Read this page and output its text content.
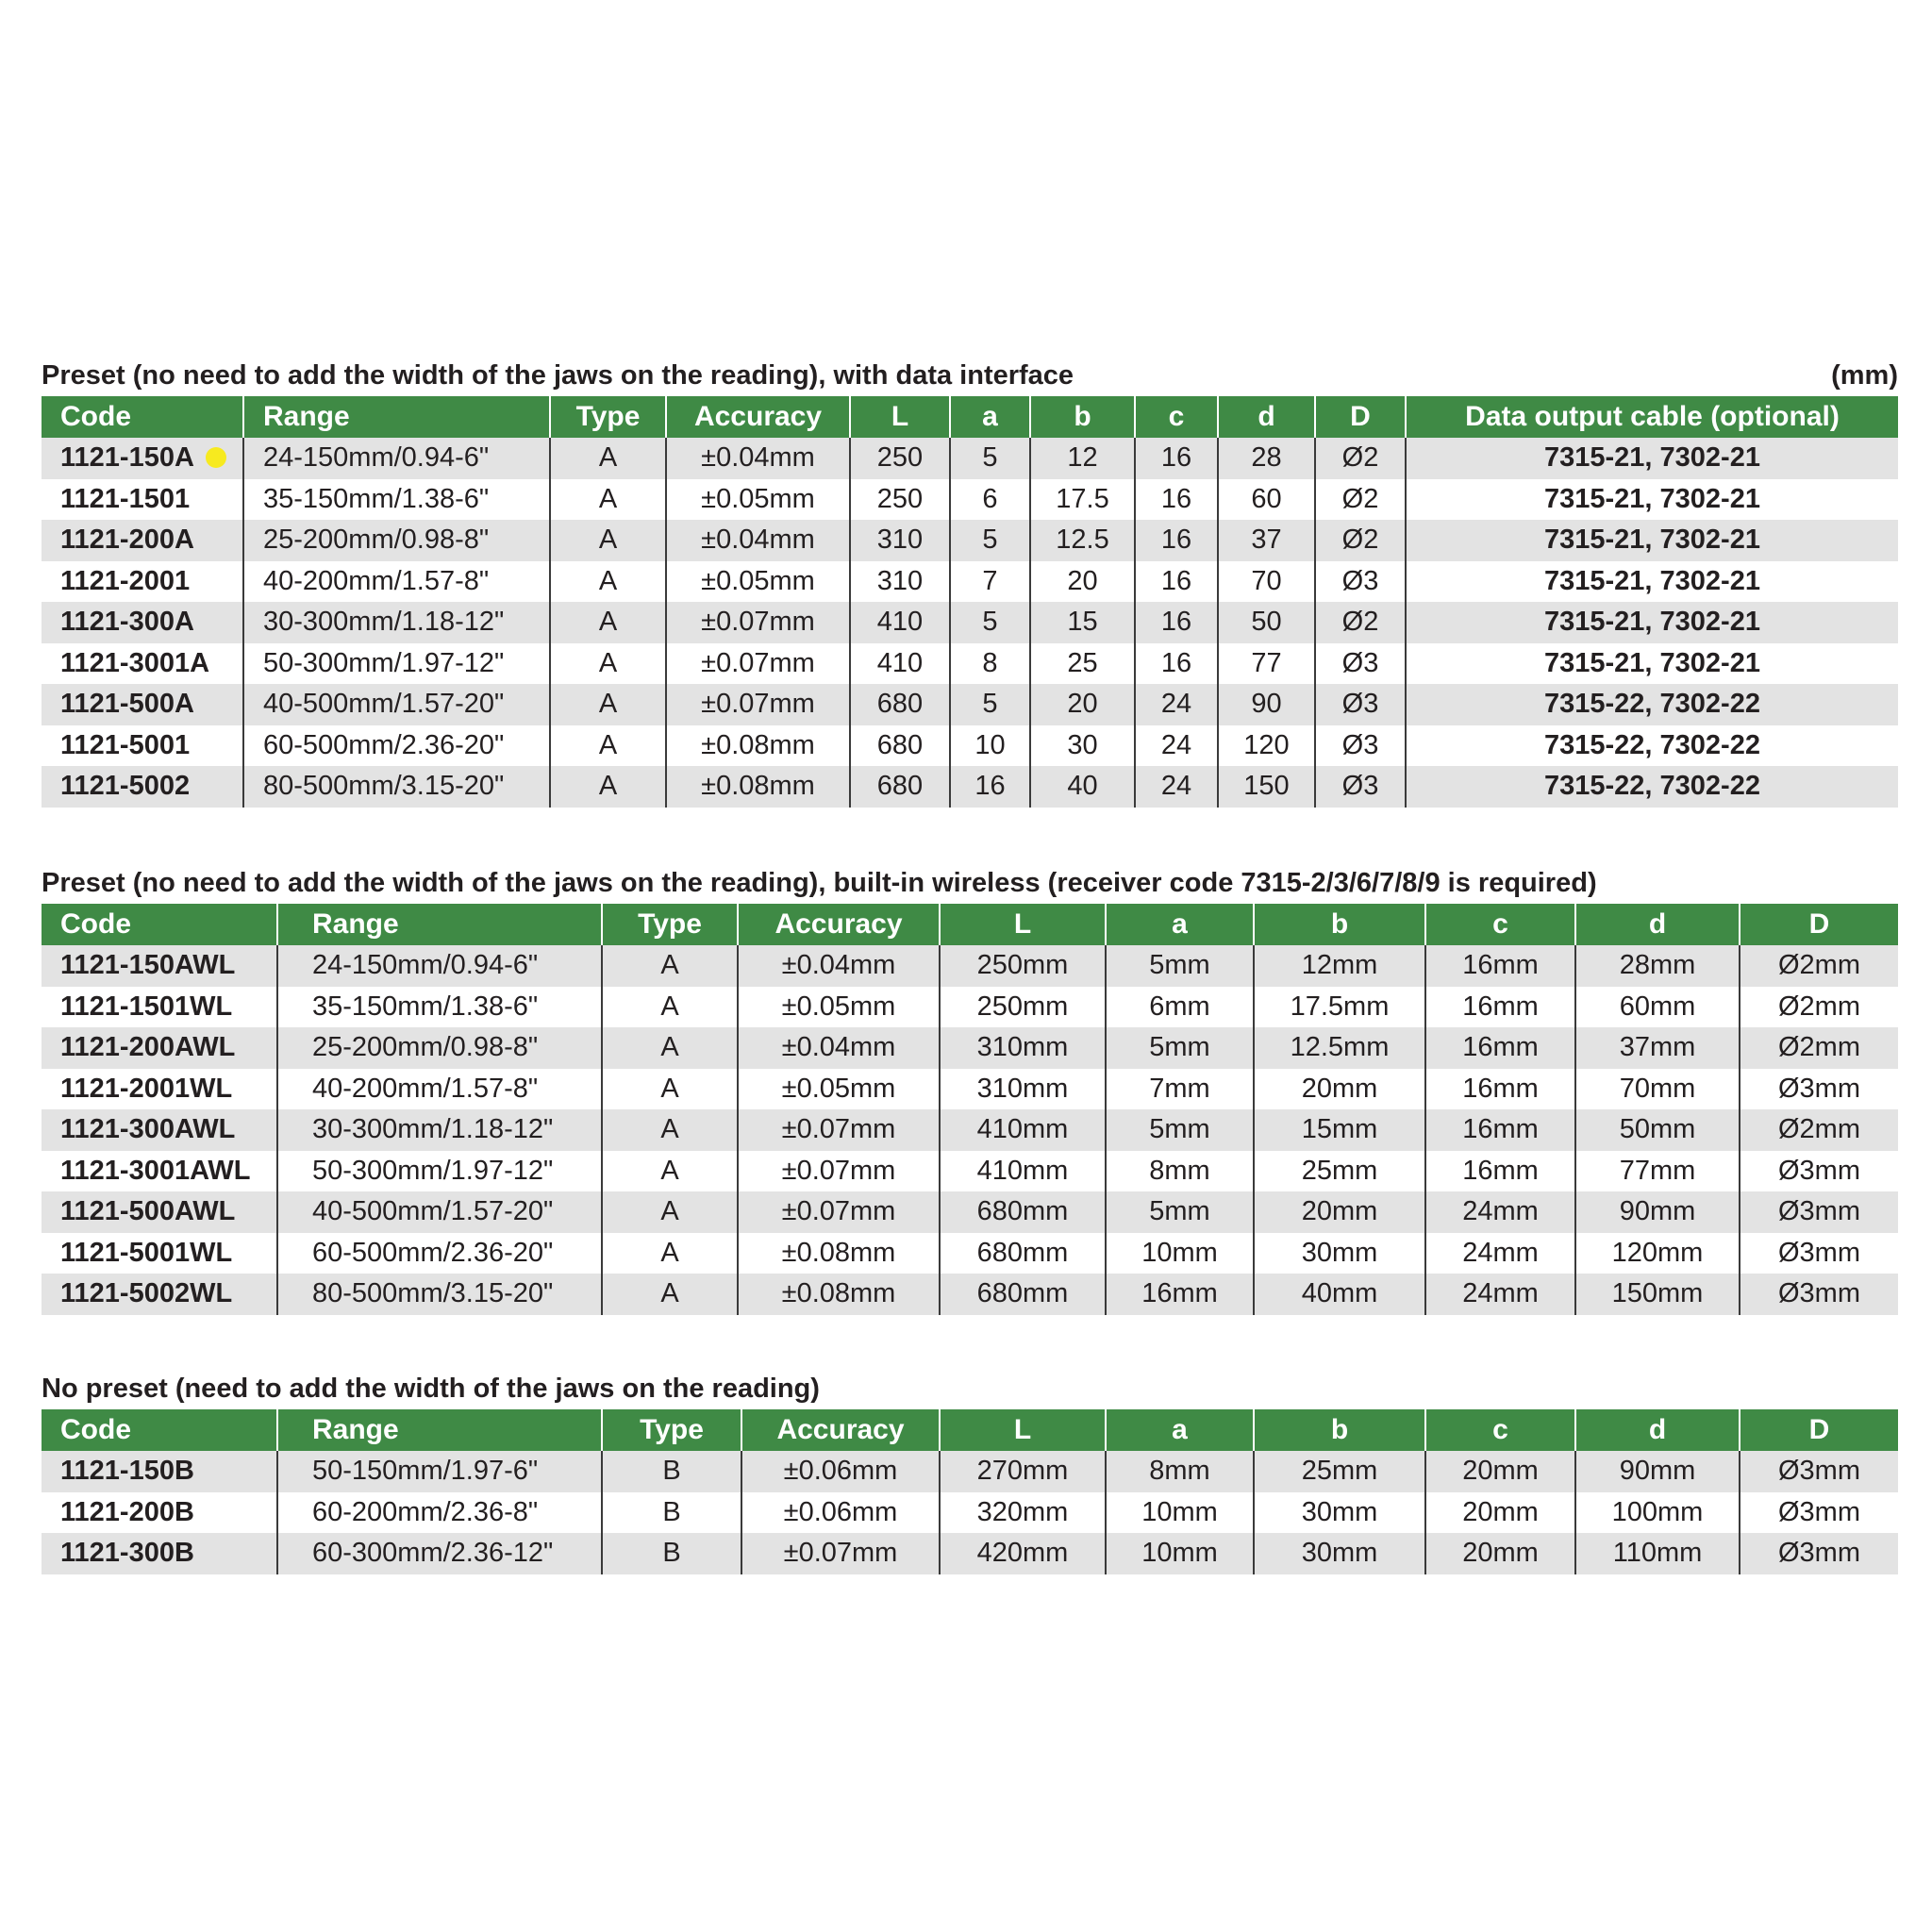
Preset (no need to add the width of the jaws on the reading), with data interface	(mm)
Code	Range	Type	Accuracy	L	a	b	c	d	D	Data output cable (optional)
1121-150A	24-150mm/0.94-6"	A	±0.04mm	250	5	12	16	28	Ø2	7315-21, 7302-21
1121-1501	35-150mm/1.38-6"	A	±0.05mm	250	6	17.5	16	60	Ø2	7315-21, 7302-21
1121-200A	25-200mm/0.98-8"	A	±0.04mm	310	5	12.5	16	37	Ø2	7315-21, 7302-21
1121-2001	40-200mm/1.57-8"	A	±0.05mm	310	7	20	16	70	Ø3	7315-21, 7302-21
1121-300A	30-300mm/1.18-12"	A	±0.07mm	410	5	15	16	50	Ø2	7315-21, 7302-21
1121-3001A	50-300mm/1.97-12"	A	±0.07mm	410	8	25	16	77	Ø3	7315-21, 7302-21
1121-500A	40-500mm/1.57-20"	A	±0.07mm	680	5	20	24	90	Ø3	7315-22, 7302-22
1121-5001	60-500mm/2.36-20"	A	±0.08mm	680	10	30	24	120	Ø3	7315-22, 7302-22
1121-5002	80-500mm/3.15-20"	A	±0.08mm	680	16	40	24	150	Ø3	7315-22, 7302-22
Preset (no need to add the width of the jaws on the reading), built-in wireless (receiver code 7315-2/3/6/7/8/9 is required)
Code	Range	Type	Accuracy	L	a	b	c	d	D
1121-150AWL	24-150mm/0.94-6"	A	±0.04mm	250mm	5mm	12mm	16mm	28mm	Ø2mm
1121-1501WL	35-150mm/1.38-6"	A	±0.05mm	250mm	6mm	17.5mm	16mm	60mm	Ø2mm
1121-200AWL	25-200mm/0.98-8"	A	±0.04mm	310mm	5mm	12.5mm	16mm	37mm	Ø2mm
1121-2001WL	40-200mm/1.57-8"	A	±0.05mm	310mm	7mm	20mm	16mm	70mm	Ø3mm
1121-300AWL	30-300mm/1.18-12"	A	±0.07mm	410mm	5mm	15mm	16mm	50mm	Ø2mm
1121-3001AWL	50-300mm/1.97-12"	A	±0.07mm	410mm	8mm	25mm	16mm	77mm	Ø3mm
1121-500AWL	40-500mm/1.57-20"	A	±0.07mm	680mm	5mm	20mm	24mm	90mm	Ø3mm
1121-5001WL	60-500mm/2.36-20"	A	±0.08mm	680mm	10mm	30mm	24mm	120mm	Ø3mm
1121-5002WL	80-500mm/3.15-20"	A	±0.08mm	680mm	16mm	40mm	24mm	150mm	Ø3mm
No preset (need to add the width of the jaws on the reading)
Code	Range	Type	Accuracy	L	a	b	c	d	D
1121-150B	50-150mm/1.97-6"	B	±0.06mm	270mm	8mm	25mm	20mm	90mm	Ø3mm
1121-200B	60-200mm/2.36-8"	B	±0.06mm	320mm	10mm	30mm	20mm	100mm	Ø3mm
1121-300B	60-300mm/2.36-12"	B	±0.07mm	420mm	10mm	30mm	20mm	110mm	Ø3mm
